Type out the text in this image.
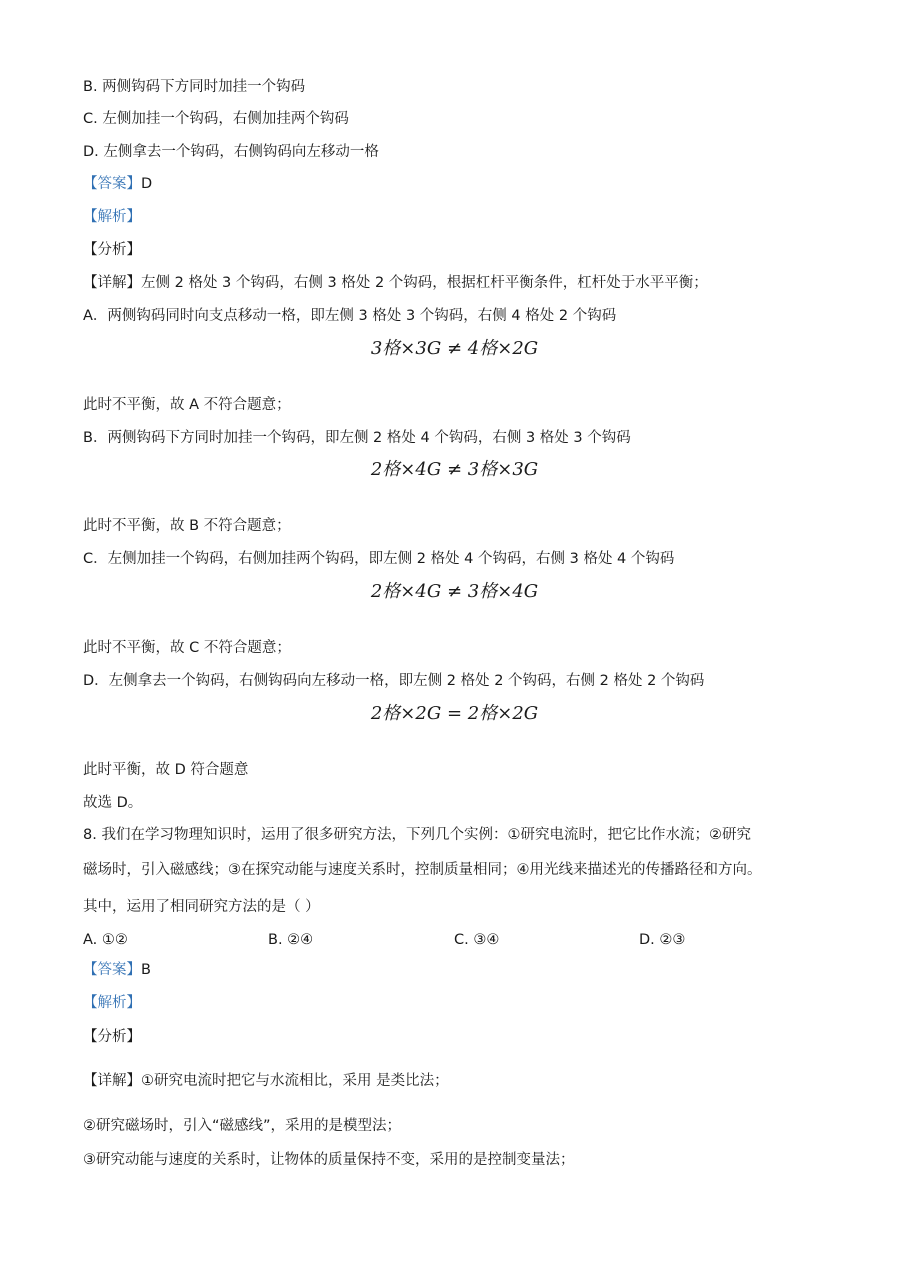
B. 两侧钩码下方同时加挂一个钩码
C. 左侧加挂一个钩码，右侧加挂两个钩码
D. 左侧拿去一个钩码，右侧钩码向左移动一格
【答案】D
【解析】
【分析】
【详解】左侧 2 格处 3 个钩码，右侧 3 格处 2 个钩码，根据杠杆平衡条件，杠杆处于水平平衡；
A．两侧钩码同时向支点移动一格，即左侧 3 格处 3 个钩码，右侧 4 格处 2 个钩码
3格×3G ≠ 4格×2G
此时不平衡，故 A 不符合题意；
B．两侧钩码下方同时加挂一个钩码，即左侧 2 格处 4 个钩码，右侧 3 格处 3 个钩码
2格×4G ≠ 3格×3G
此时不平衡，故 B 不符合题意；
C．左侧加挂一个钩码，右侧加挂两个钩码，即左侧 2 格处 4 个钩码，右侧 3 格处 4 个钩码
2格×4G ≠ 3格×4G
此时不平衡，故 C 不符合题意；
D．左侧拿去一个钩码，右侧钩码向左移动一格，即左侧 2 格处 2 个钩码，右侧 2 格处 2 个钩码
2格×2G = 2格×2G
此时平衡，故 D 符合题意
故选 D。
8. 我们在学习物理知识时，运用了很多研究方法，下列几个实例：①研究电流时，把它比作水流；②研究
磁场时，引入磁感线；③在探究动能与速度关系时，控制质量相同；④用光线来描述光的传播路径和方向。
其中，运用了相同研究方法的是（ ）
A. ①②	B. ②④	C. ③④	D. ②③
【答案】B
【解析】
【分析】
【详解】①研究电流时把它与水流相比，采用 是类比法；
②研究磁场时，引入“磁感线”，采用的是模型法；
③研究动能与速度的关系时，让物体的质量保持不变，采用的是控制变量法；
